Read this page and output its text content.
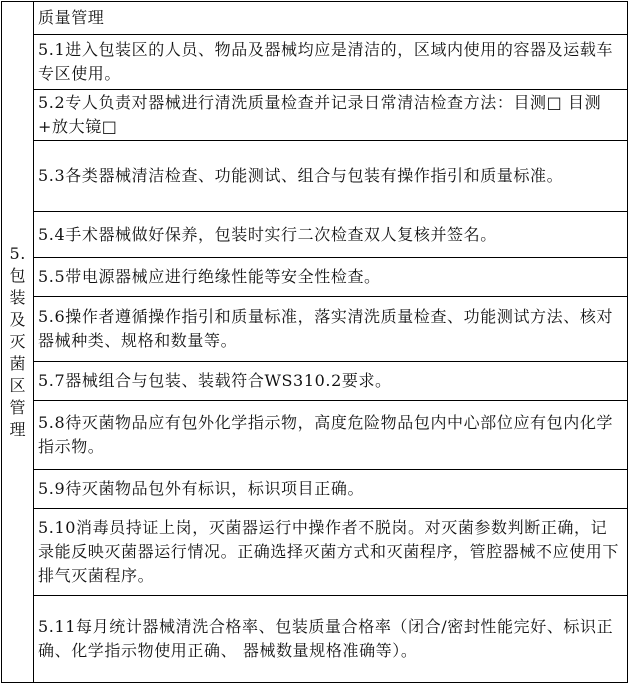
5.包装及灭菌区管理
	质量管理
5.1进入包装区的人员、物品及器械均应是清洁的，区域内使用的容器及运载车专区使用。
5.2专人负责对器械进行清洗质量检查并记录日常清洁检查方法：目测□ 目测+放大镜□
5.3各类器械清洁检查、功能测试、组合与包装有操作指引和质量标准。
5.4手术器械做好保养，包装时实行二次检查双人复核并签名。
5.5带电源器械应进行绝缘性能等安全性检查。
5.6操作者遵循操作指引和质量标准，落实清洗质量检查、功能测试方法、核对器械种类、规格和数量等。
5.7器械组合与包装、装载符合WS310.2要求。
5.8待灭菌物品应有包外化学指示物，高度危险物品包内中心部位应有包内化学指示物。
5.9待灭菌物品包外有标识，标识项目正确。
5.10消毒员持证上岗，灭菌器运行中操作者不脱岗。对灭菌参数判断正确，记录能反映灭菌器运行情况。正确选择灭菌方式和灭菌程序，管腔器械不应使用下排气灭菌程序。
5.11每月统计器械清洗合格率、包装质量合格率（闭合/密封性能完好、标识正确、化学指示物使用正确、 器械数量规格准确等）。
